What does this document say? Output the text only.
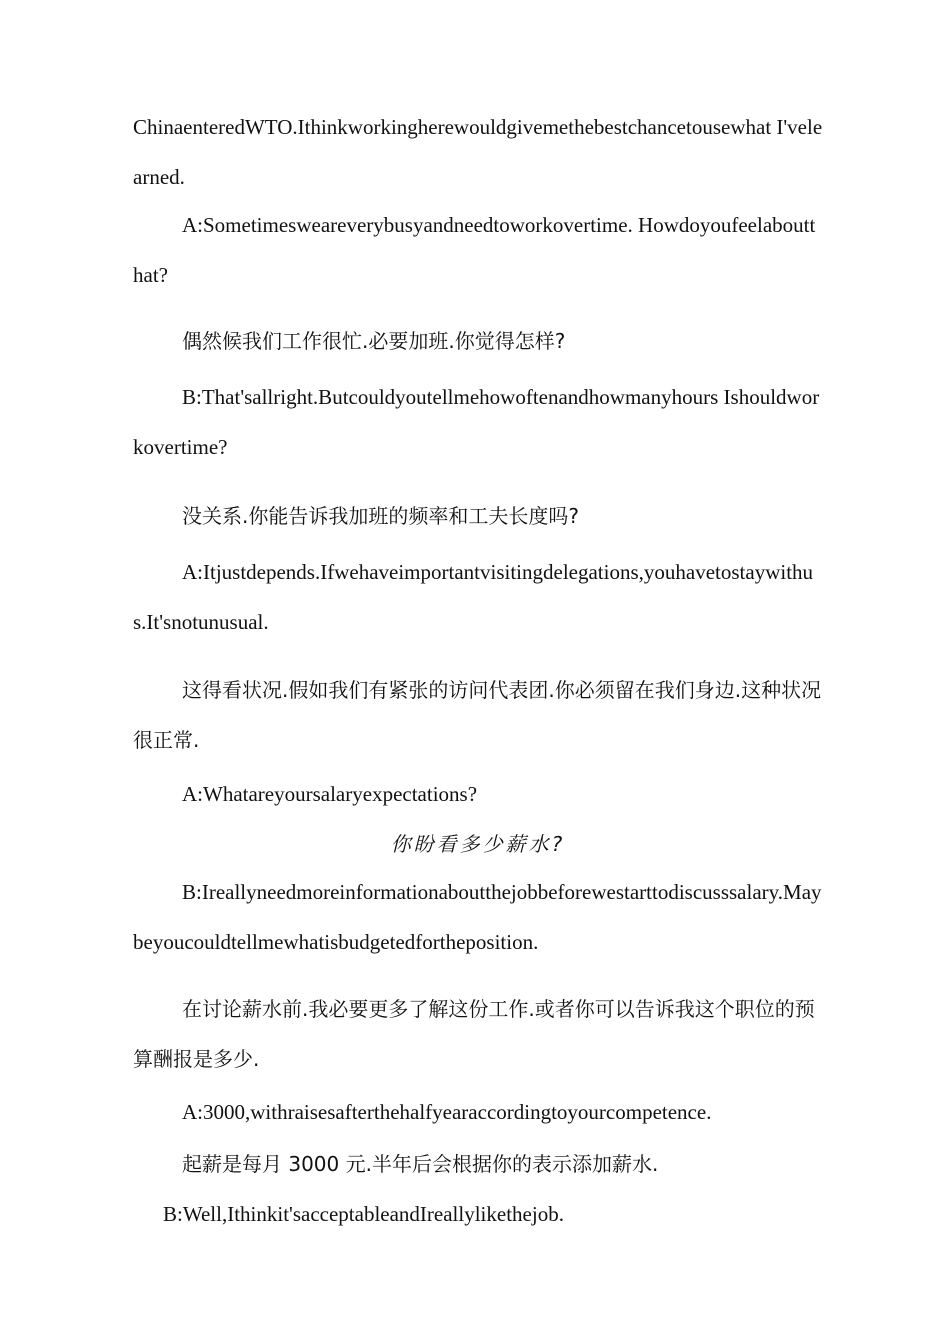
ChinaenteredWTO.Ithinkworkingherewouldgivemethebestchancetousewhat I'velearned.

A:Sometimesweareverybusyandneedtoworkovertime. Howdoyoufeelaboutthat?

偶然候我们工作很忙.必要加班.你觉得怎样?

B:That'sallright.Butcouldyoutellmehowoftenandhowmanyhours Ishouldworkovertime?

没关系.你能告诉我加班的频率和工夫长度吗?

A:Itjustdepends.Ifwehaveimportantvisitingdelegations,youhavetostaywithus.It'snotunusual.

这得看状况.假如我们有紧张的访问代表团.你必须留在我们身边.这种状况很正常.

A:Whatareyoursalaryexpectations?

你盼看多少薪水?

B:Ireallyneedmoreinformationaboutthejobbeforewestarttodiscusssalary.Maybeyoucouldtellmewhatisbudgetedfortheposition.

在讨论薪水前.我必要更多了解这份工作.或者你可以告诉我这个职位的预算酬报是多少.

A:3000,withraisesafterthehalfyearaccordingtoyourcompetence.

起薪是每月 3000 元.半年后会根据你的表示添加薪水.

B:Well,Ithinkit'sacceptableandIreallylikethejob.
